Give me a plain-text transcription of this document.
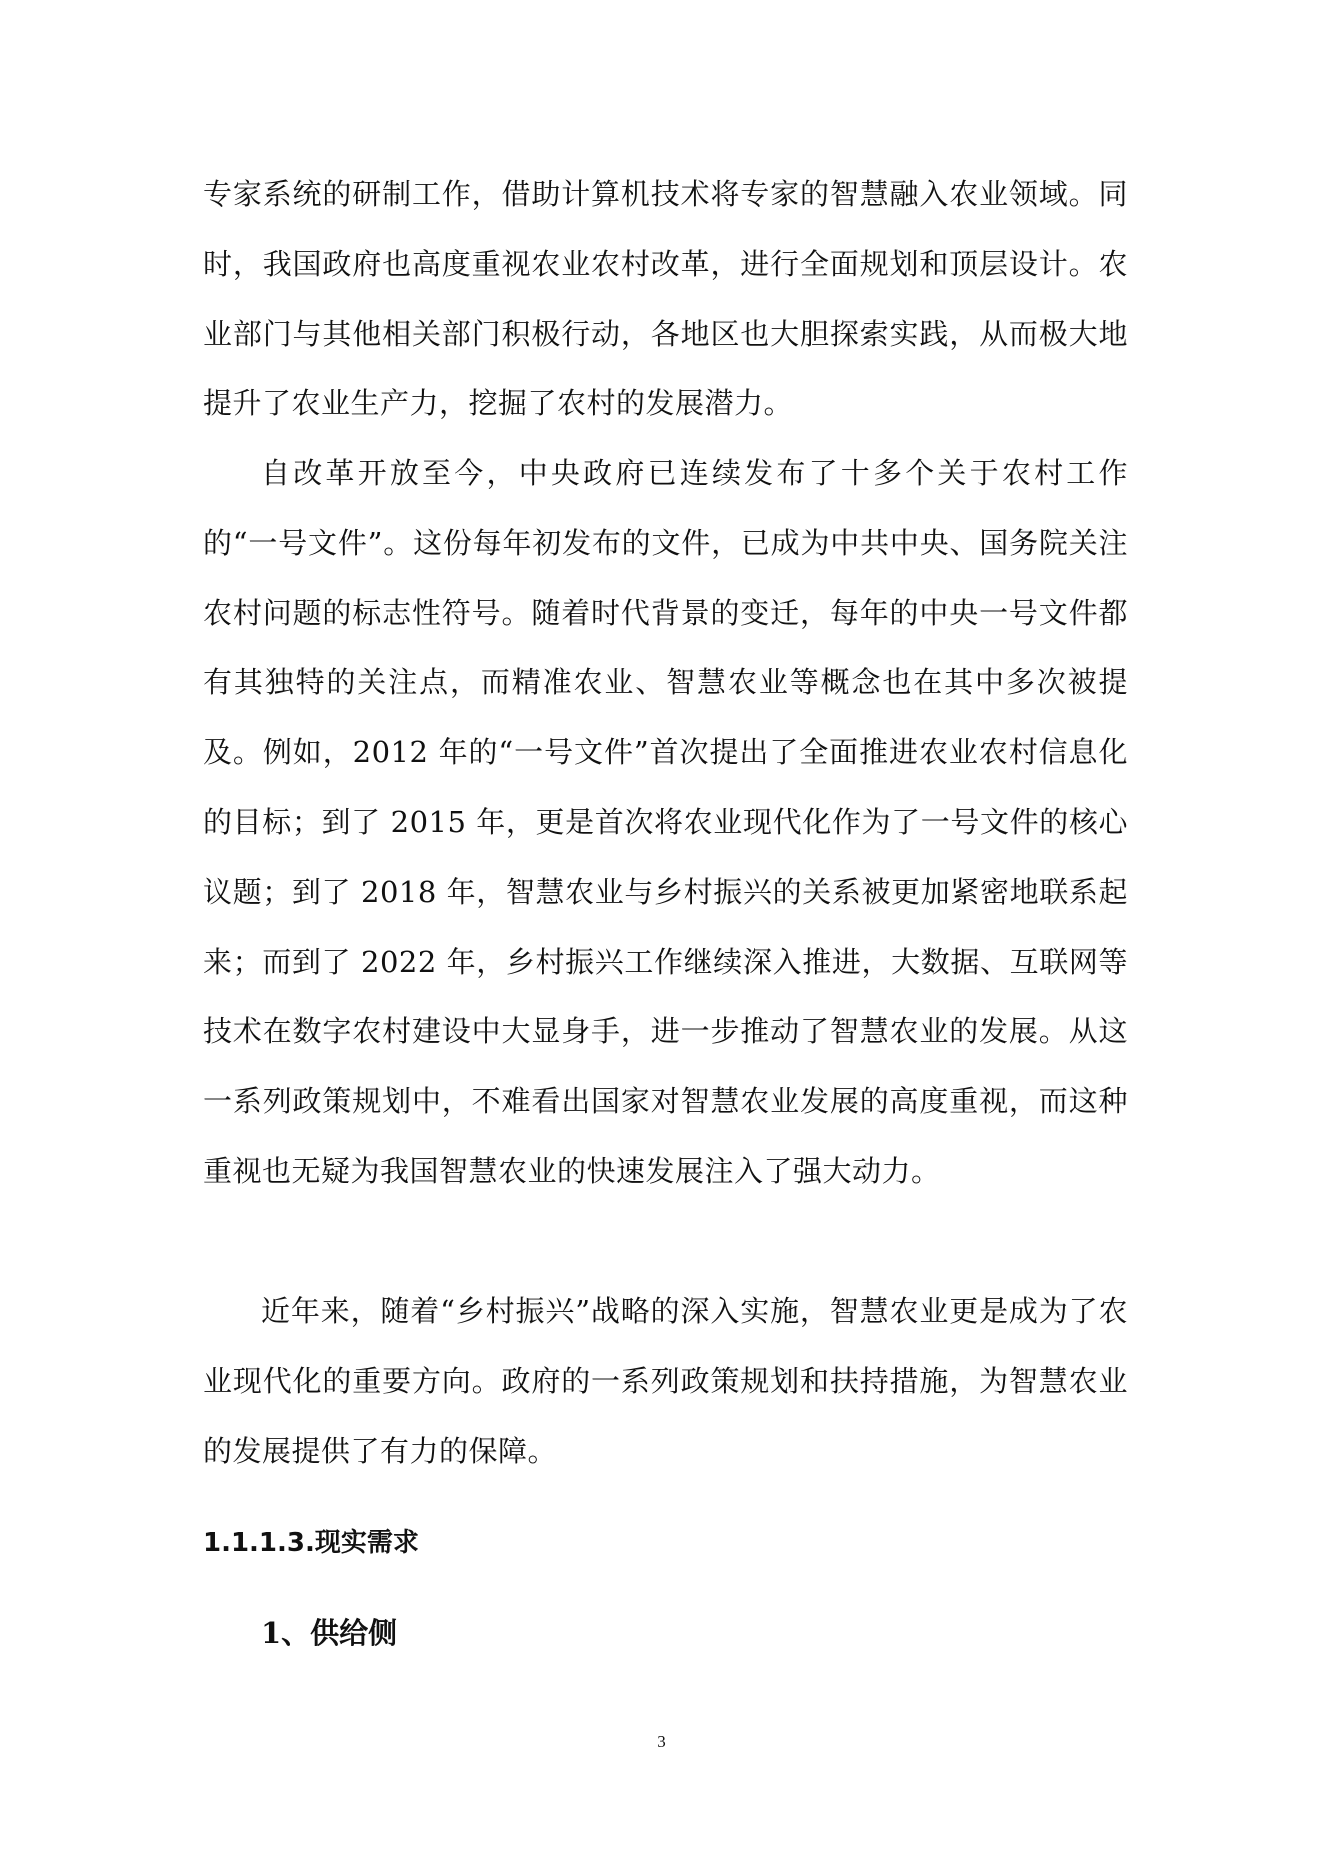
专家系统的研制工作，借助计算机技术将专家的智慧融入农业领域。同时，我国政府也高度重视农业农村改革，进行全面规划和顶层设计。农业部门与其他相关部门积极行动，各地区也大胆探索实践，从而极大地提升了农业生产力，挖掘了农村的发展潜力。

自改革开放至今，中央政府已连续发布了十多个关于农村工作的“一号文件”。这份每年初发布的文件，已成为中共中央、国务院关注农村问题的标志性符号。随着时代背景的变迁，每年的中央一号文件都有其独特的关注点，而精准农业、智慧农业等概念也在其中多次被提及。例如，2012 年的“一号文件”首次提出了全面推进农业农村信息化的目标；到了 2015 年，更是首次将农业现代化作为了一号文件的核心议题；到了 2018 年，智慧农业与乡村振兴的关系被更加紧密地联系起来；而到了 2022 年，乡村振兴工作继续深入推进，大数据、互联网等技术在数字农村建设中大显身手，进一步推动了智慧农业的发展。从这一系列政策规划中，不难看出国家对智慧农业发展的高度重视，而这种重视也无疑为我国智慧农业的快速发展注入了强大动力。

近年来，随着“乡村振兴”战略的深入实施，智慧农业更是成为了农业现代化的重要方向。政府的一系列政策规划和扶持措施，为智慧农业的发展提供了有力的保障。

1.1.1.3.现实需求
1、供给侧
3
